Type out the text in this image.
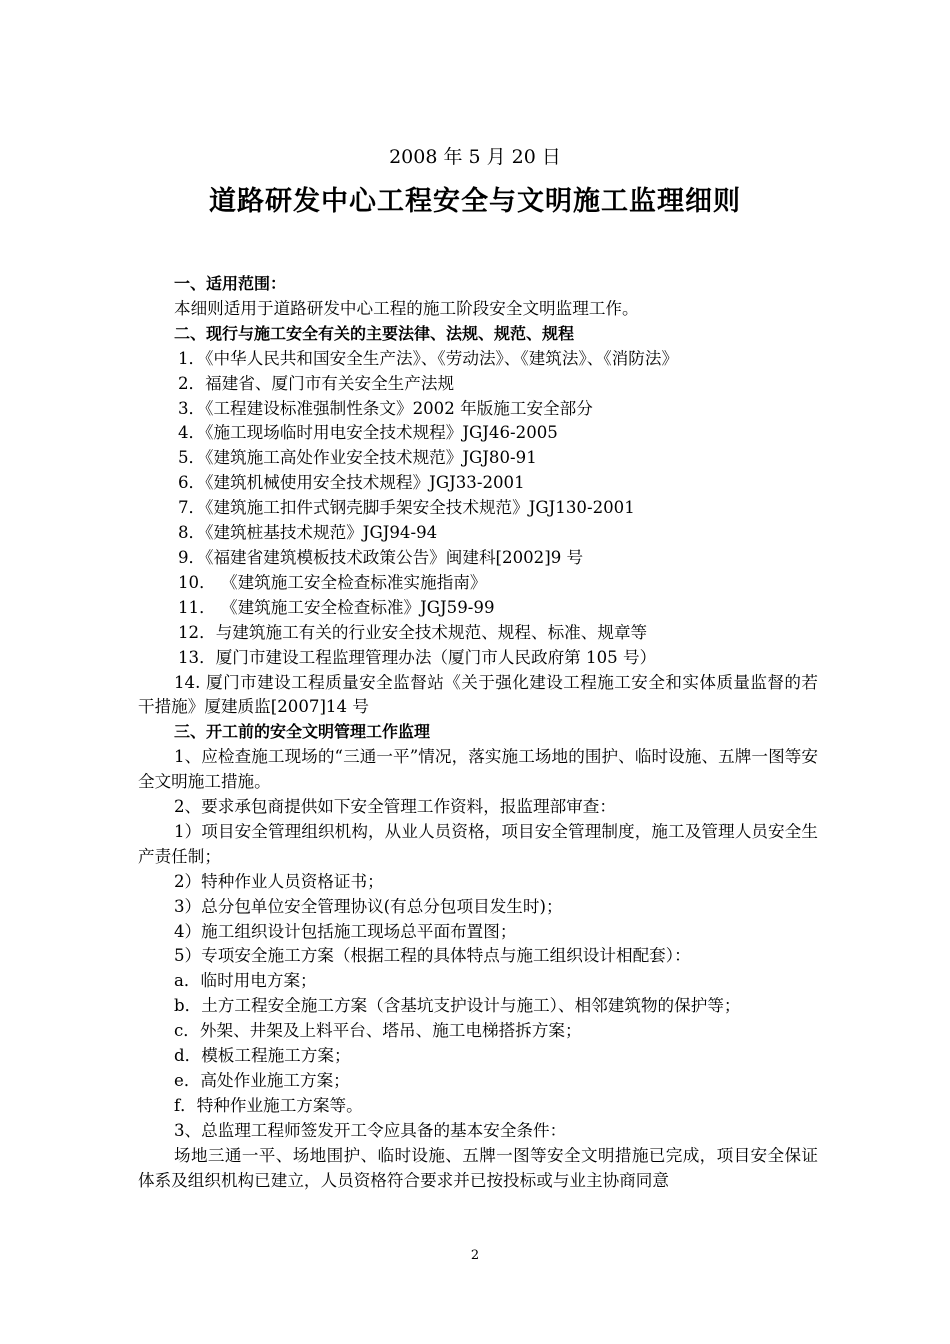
2008 年 5 月 20 日
道路研发中心工程安全与文明施工监理细则

一、适用范围：

本细则适用于道路研发中心工程的施工阶段安全文明监理工作。

二、现行与施工安全有关的主要法律、法规、规范、规程

1．《中华人民共和国安全生产法》、《劳动法》、《建筑法》、《消防法》

2．福建省、厦门市有关安全生产法规

3．《工程建设标准强制性条文》2002 年版施工安全部分

4．《施工现场临时用电安全技术规程》JGJ46-2005

5．《建筑施工高处作业安全技术规范》JGJ80-91

6．《建筑机械使用安全技术规程》JGJ33-2001

7．《建筑施工扣件式钢壳脚手架安全技术规范》JGJ130-2001

8．《建筑桩基技术规范》JGJ94-94

9．《福建省建筑模板技术政策公告》闽建科[2002]9 号

10． 《建筑施工安全检查标准实施指南》

11． 《建筑施工安全检查标准》JGJ59-99

12．与建筑施工有关的行业安全技术规范、规程、标准、规章等

13．厦门市建设工程监理管理办法（厦门市人民政府第 105 号）

14. 厦门市建设工程质量安全监督站《关于强化建设工程施工安全和实体质量监督的若干措施》厦建质监[2007]14 号

三、开工前的安全文明管理工作监理

1、应检查施工现场的“三通一平”情况，落实施工场地的围护、临时设施、五牌一图等安全文明施工措施。

2、要求承包商提供如下安全管理工作资料，报监理部审查：

1）项目安全管理组织机构，从业人员资格，项目安全管理制度，施工及管理人员安全生产责任制；

2）特种作业人员资格证书；

3）总分包单位安全管理协议(有总分包项目发生时)；

4）施工组织设计包括施工现场总平面布置图；

5）专项安全施工方案（根据工程的具体特点与施工组织设计相配套）：

a．临时用电方案；

b．土方工程安全施工方案（含基坑支护设计与施工）、相邻建筑物的保护等；

c．外架、井架及上料平台、塔吊、施工电梯搭拆方案；

d．模板工程施工方案；

e．高处作业施工方案；

f．特种作业施工方案等。

3、总监理工程师签发开工令应具备的基本安全条件：

场地三通一平、场地围护、临时设施、五牌一图等安全文明措施已完成，项目安全保证体系及组织机构已建立，人员资格符合要求并已按投标或与业主协商同意

2
